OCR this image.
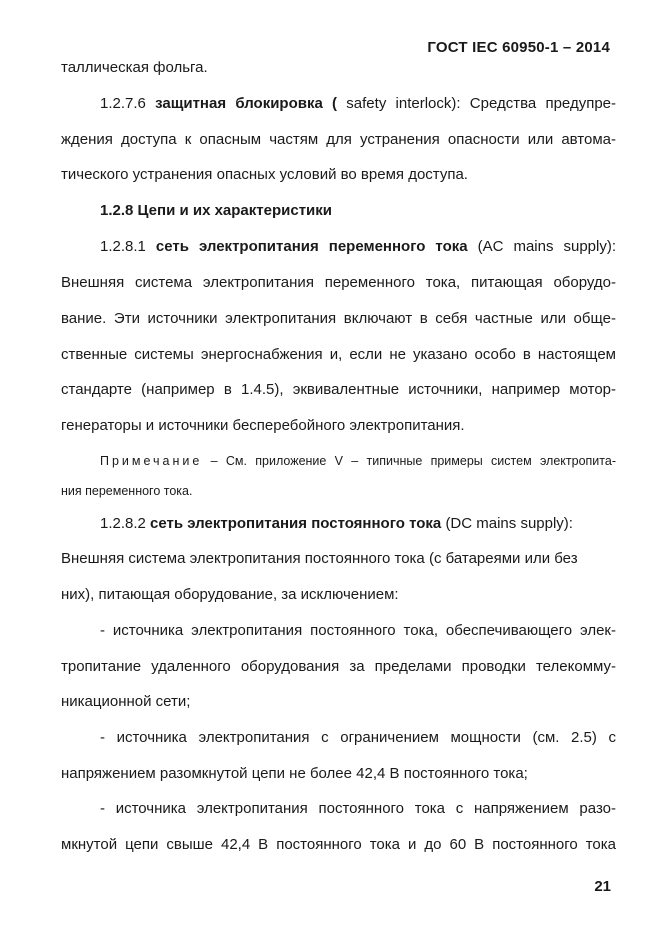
ГОСТ IEC 60950-1 – 2014
таллическая фольга.
1.2.7.6 защитная блокировка ( safety interlock): Средства предупре-
ждения доступа к опасным частям для устранения опасности или автома-
тического устранения опасных условий во время доступа.
1.2.8 Цепи и их характеристики
1.2.8.1 сеть электропитания переменного тока (AC mains supply):
Внешняя система электропитания переменного тока, питающая оборудо-
вание. Эти источники электропитания включают в себя частные или обще-
ственные системы энергоснабжения и, если не указано особо в настоящем
стандарте (например в 1.4.5), эквивалентные источники, например мотор-
генераторы и источники бесперебойного электропитания.
Примечание – См. приложение V – типичные примеры систем электропита-
ния переменного тока.
1.2.8.2 сеть электропитания постоянного тока (DC mains supply):
Внешняя система электропитания постоянного тока (с батареями или без
них), питающая оборудование, за исключением:
- источника электропитания постоянного тока, обеспечивающего элек-
тропитание удаленного оборудования за пределами проводки телекомму-
никационной сети;
- источника электропитания с ограничением мощности (см. 2.5) с
напряжением разомкнутой цепи не более 42,4 В постоянного тока;
- источника электропитания постоянного тока с напряжением разо-
мкнутой цепи свыше 42,4 В постоянного тока и до 60 В постоянного тока
21
